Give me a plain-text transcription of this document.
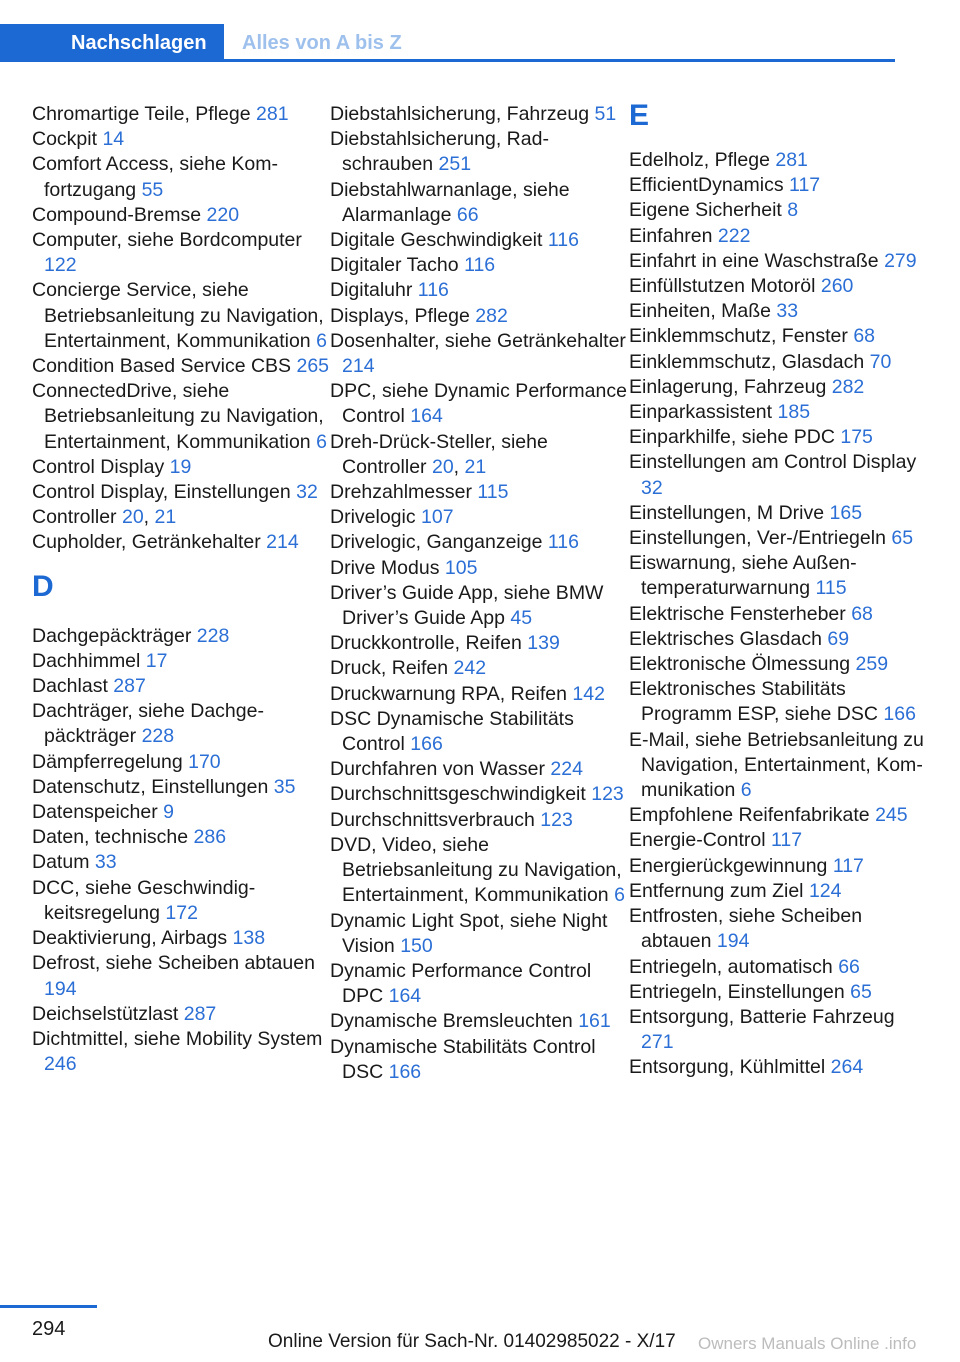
Nachschlagen Alles von A bis Z
Chromartige Teile, Pflege 281
Cockpit 14
Comfort Access, siehe Komfortzugang 55
Compound-Bremse 220
Computer, siehe Bordcomputer 122
Concierge Service, siehe Betriebsanleitung zu Navigation, Entertainment, Kommunikation 6
Condition Based Service CBS 265
ConnectedDrive, siehe Betriebsanleitung zu Navigation, Entertainment, Kommunikation 6
Control Display 19
Control Display, Einstellungen 32
Controller 20, 21
Cupholder, Getränkehalter 214
D
Dachgepäckträger 228
Dachhimmel 17
Dachlast 287
Dachträger, siehe Dachgepäckträger 228
Dämpferregelung 170
Datenschutz, Einstellungen 35
Datenspeicher 9
Daten, technische 286
Datum 33
DCC, siehe Geschwindigkeitsregelung 172
Deaktivierung, Airbags 138
Defrost, siehe Scheiben abtauen 194
Deichselstützlast 287
Dichtmittel, siehe Mobility System 246
Diebstahlsicherung, Fahrzeug 51
Diebstahlsicherung, Radschrauben 251
Diebstahlwarnanlage, siehe Alarmanlage 66
Digitale Geschwindigkeit 116
Digitaler Tacho 116
Digitaluhr 116
Displays, Pflege 282
Dosenhalter, siehe Getränkehalter 214
DPC, siehe Dynamic Performance Control 164
Dreh-Drück-Steller, siehe Controller 20, 21
Drehzahlmesser 115
Drivelogic 107
Drivelogic, Ganganzeige 116
Drive Modus 105
Driver’s Guide App, siehe BMW Driver’s Guide App 45
Druckkontrolle, Reifen 139
Druck, Reifen 242
Druckwarnung RPA, Reifen 142
DSC Dynamische Stabilitäts Control 166
Durchfahren von Wasser 224
Durchschnittsgeschwindigkeit 123
Durchschnittsverbrauch 123
DVD, Video, siehe Betriebsanleitung zu Navigation, Entertainment, Kommunikation 6
Dynamic Light Spot, siehe Night Vision 150
Dynamic Performance Control DPC 164
Dynamische Bremsleuchten 161
Dynamische Stabilitäts Control DSC 166
E
Edelholz, Pflege 281
EfficientDynamics 117
Eigene Sicherheit 8
Einfahren 222
Einfahrt in eine Waschstraße 279
Einfüllstutzen Motoröl 260
Einheiten, Maße 33
Einklemmschutz, Fenster 68
Einklemmschutz, Glasdach 70
Einlagerung, Fahrzeug 282
Einparkassistent 185
Einparkhilfe, siehe PDC 175
Einstellungen am Control Display 32
Einstellungen, M Drive 165
Einstellungen, Ver-/Entriegeln 65
Eiswarnung, siehe Außentemperaturwarnung 115
Elektrische Fensterheber 68
Elektrisches Glasdach 69
Elektronische Ölmessung 259
Elektronisches Stabilitäts Programm ESP, siehe DSC 166
E-Mail, siehe Betriebsanleitung zu Navigation, Entertainment, Kommunikation 6
Empfohlene Reifenfabrikate 245
Energie-Control 117
Energierückgewinnung 117
Entfernung zum Ziel 124
Entfrosten, siehe Scheiben abtauen 194
Entriegeln, automatisch 66
Entriegeln, Einstellungen 65
Entsorgung, Batterie Fahrzeug 271
Entsorgung, Kühlmittel 264
294
Online Version für Sach-Nr. 01402985022 - X/17 Owners Manuals Online .info
